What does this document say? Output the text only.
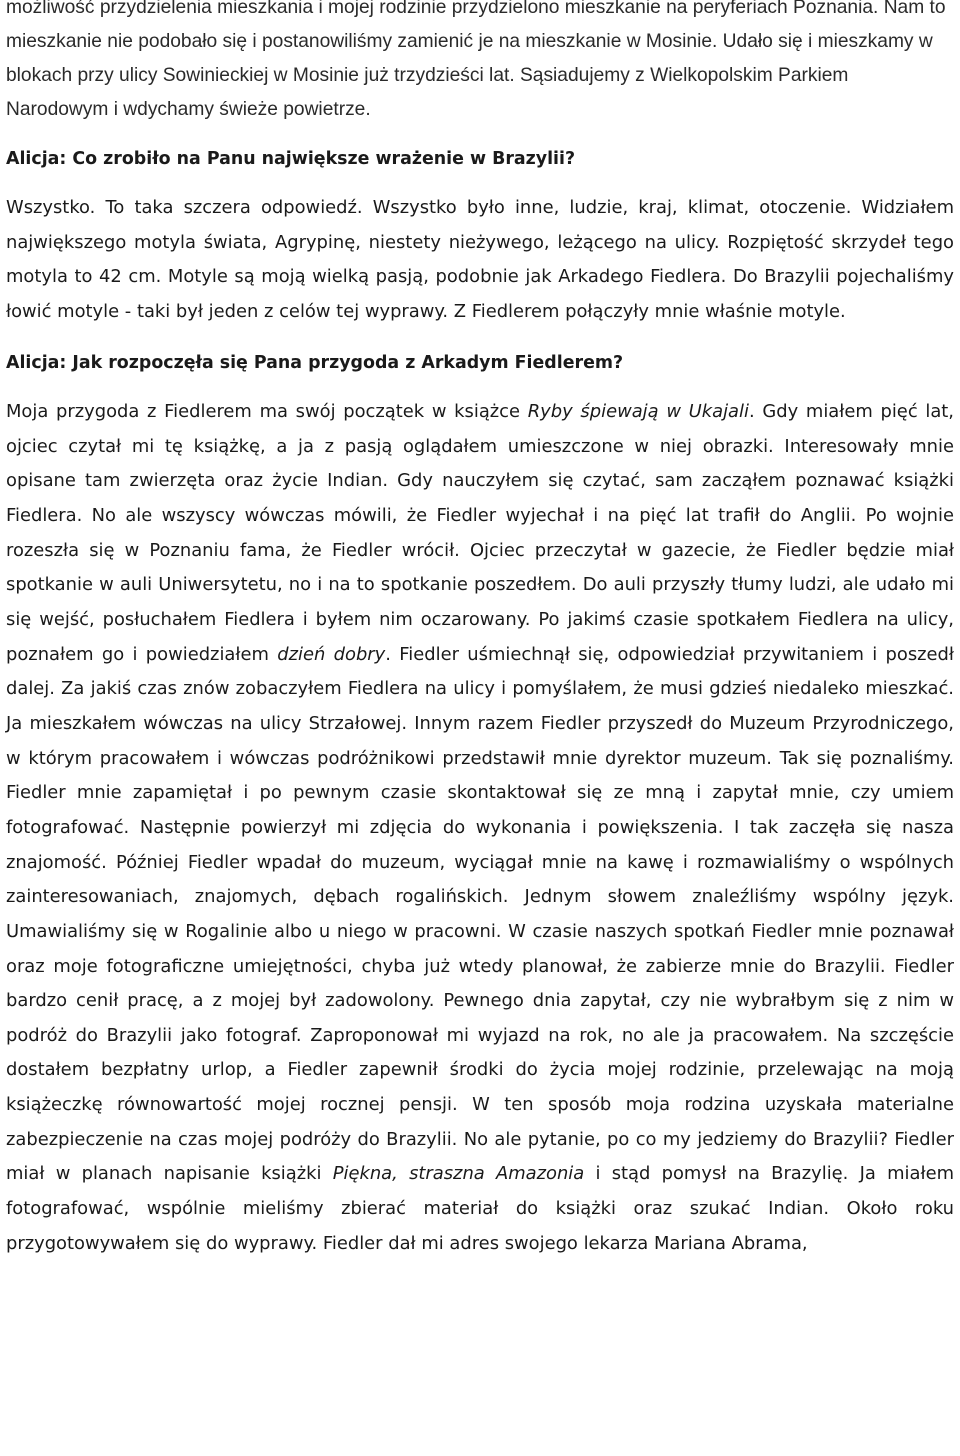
możliwość przydzielenia mieszkania i mojej rodzinie przydzielono mieszkanie na peryferiach Poznania. Nam to mieszkanie nie podobało się i postanowiliśmy zamienić je na mieszkanie w Mosinie. Udało się i mieszkamy w blokach przy ulicy Sowinieckiej w Mosinie już trzydzieści lat. Sąsiadujemy z Wielkopolskim Parkiem Narodowym i wdychamy świeże powietrze.

Alicja: Co zrobiło na Panu największe wrażenie w Brazylii?

Wszystko. To taka szczera odpowiedź. Wszystko było inne, ludzie, kraj, klimat, otoczenie. Widziałem największego motyla świata, Agrypinę, niestety nieżywego, leżącego na ulicy. Rozpiętość skrzydeł tego motyla to 42 cm. Motyle są moją wielką pasją, podobnie jak Arkadego Fiedlera. Do Brazylii pojechaliśmy łowić motyle - taki był jeden z celów tej wyprawy. Z Fiedlerem połączyły mnie właśnie motyle.

Alicja: Jak rozpoczęła się Pana przygoda z Arkadym Fiedlerem?

Moja przygoda z Fiedlerem ma swój początek w książce Ryby śpiewają w Ukajali. Gdy miałem pięć lat, ojciec czytał mi tę książkę, a ja z pasją oglądałem umieszczone w niej obrazki. Interesowały mnie opisane tam zwierzęta oraz życie Indian. Gdy nauczyłem się czytać, sam zacząłem poznawać książki Fiedlera. No ale wszyscy wówczas mówili, że Fiedler wyjechał i na pięć lat trafił do Anglii. Po wojnie rozeszła się w Poznaniu fama, że Fiedler wrócił. Ojciec przeczytał w gazecie, że Fiedler będzie miał spotkanie w auli Uniwersytetu, no i na to spotkanie poszedłem. Do auli przyszły tłumy ludzi, ale udało mi się wejść, posłuchałem Fiedlera i byłem nim oczarowany. Po jakimś czasie spotkałem Fiedlera na ulicy, poznałem go i powiedziałem dzień dobry. Fiedler uśmiechnął się, odpowiedział przywitaniem i poszedł dalej. Za jakiś czas znów zobaczyłem Fiedlera na ulicy i pomyślałem, że musi gdzieś niedaleko mieszkać. Ja mieszkałem wówczas na ulicy Strzałowej. Innym razem Fiedler przyszedł do Muzeum Przyrodniczego, w którym pracowałem i wówczas podróżnikowi przedstawił mnie dyrektor muzeum. Tak się poznaliśmy. Fiedler mnie zapamiętał i po pewnym czasie skontaktował się ze mną i zapytał mnie, czy umiem fotografować. Następnie powierzył mi zdjęcia do wykonania i powiększenia. I tak zaczęła się nasza znajomość. Później Fiedler wpadał do muzeum, wyciągał mnie na kawę i rozmawialiśmy o wspólnych zainteresowaniach, znajomych, dębach rogalińskich. Jednym słowem znaleźliśmy wspólny język. Umawialiśmy się w Rogalinie albo u niego w pracowni. W czasie naszych spotkań Fiedler mnie poznawał oraz moje fotograficzne umiejętności, chyba już wtedy planował, że zabierze mnie do Brazylii. Fiedler bardzo cenił pracę, a z mojej był zadowolony. Pewnego dnia zapytał, czy nie wybrałbym się z nim w podróż do Brazylii jako fotograf. Zaproponował mi wyjazd na rok, no ale ja pracowałem. Na szczęście dostałem bezpłatny urlop, a Fiedler zapewnił środki do życia mojej rodzinie, przelewając na moją książeczkę równowartość mojej rocznej pensji. W ten sposób moja rodzina uzyskała materialne zabezpieczenie na czas mojej podróży do Brazylii. No ale pytanie, po co my jedziemy do Brazylii? Fiedler miał w planach napisanie książki Piękna, straszna Amazonia i stąd pomysł na Brazylię. Ja miałem fotografować, wspólnie mieliśmy zbierać materiał do książki oraz szukać Indian. Około roku przygotowywałem się do wyprawy. Fiedler dał mi adres swojego lekarza Mariana Abrama,
